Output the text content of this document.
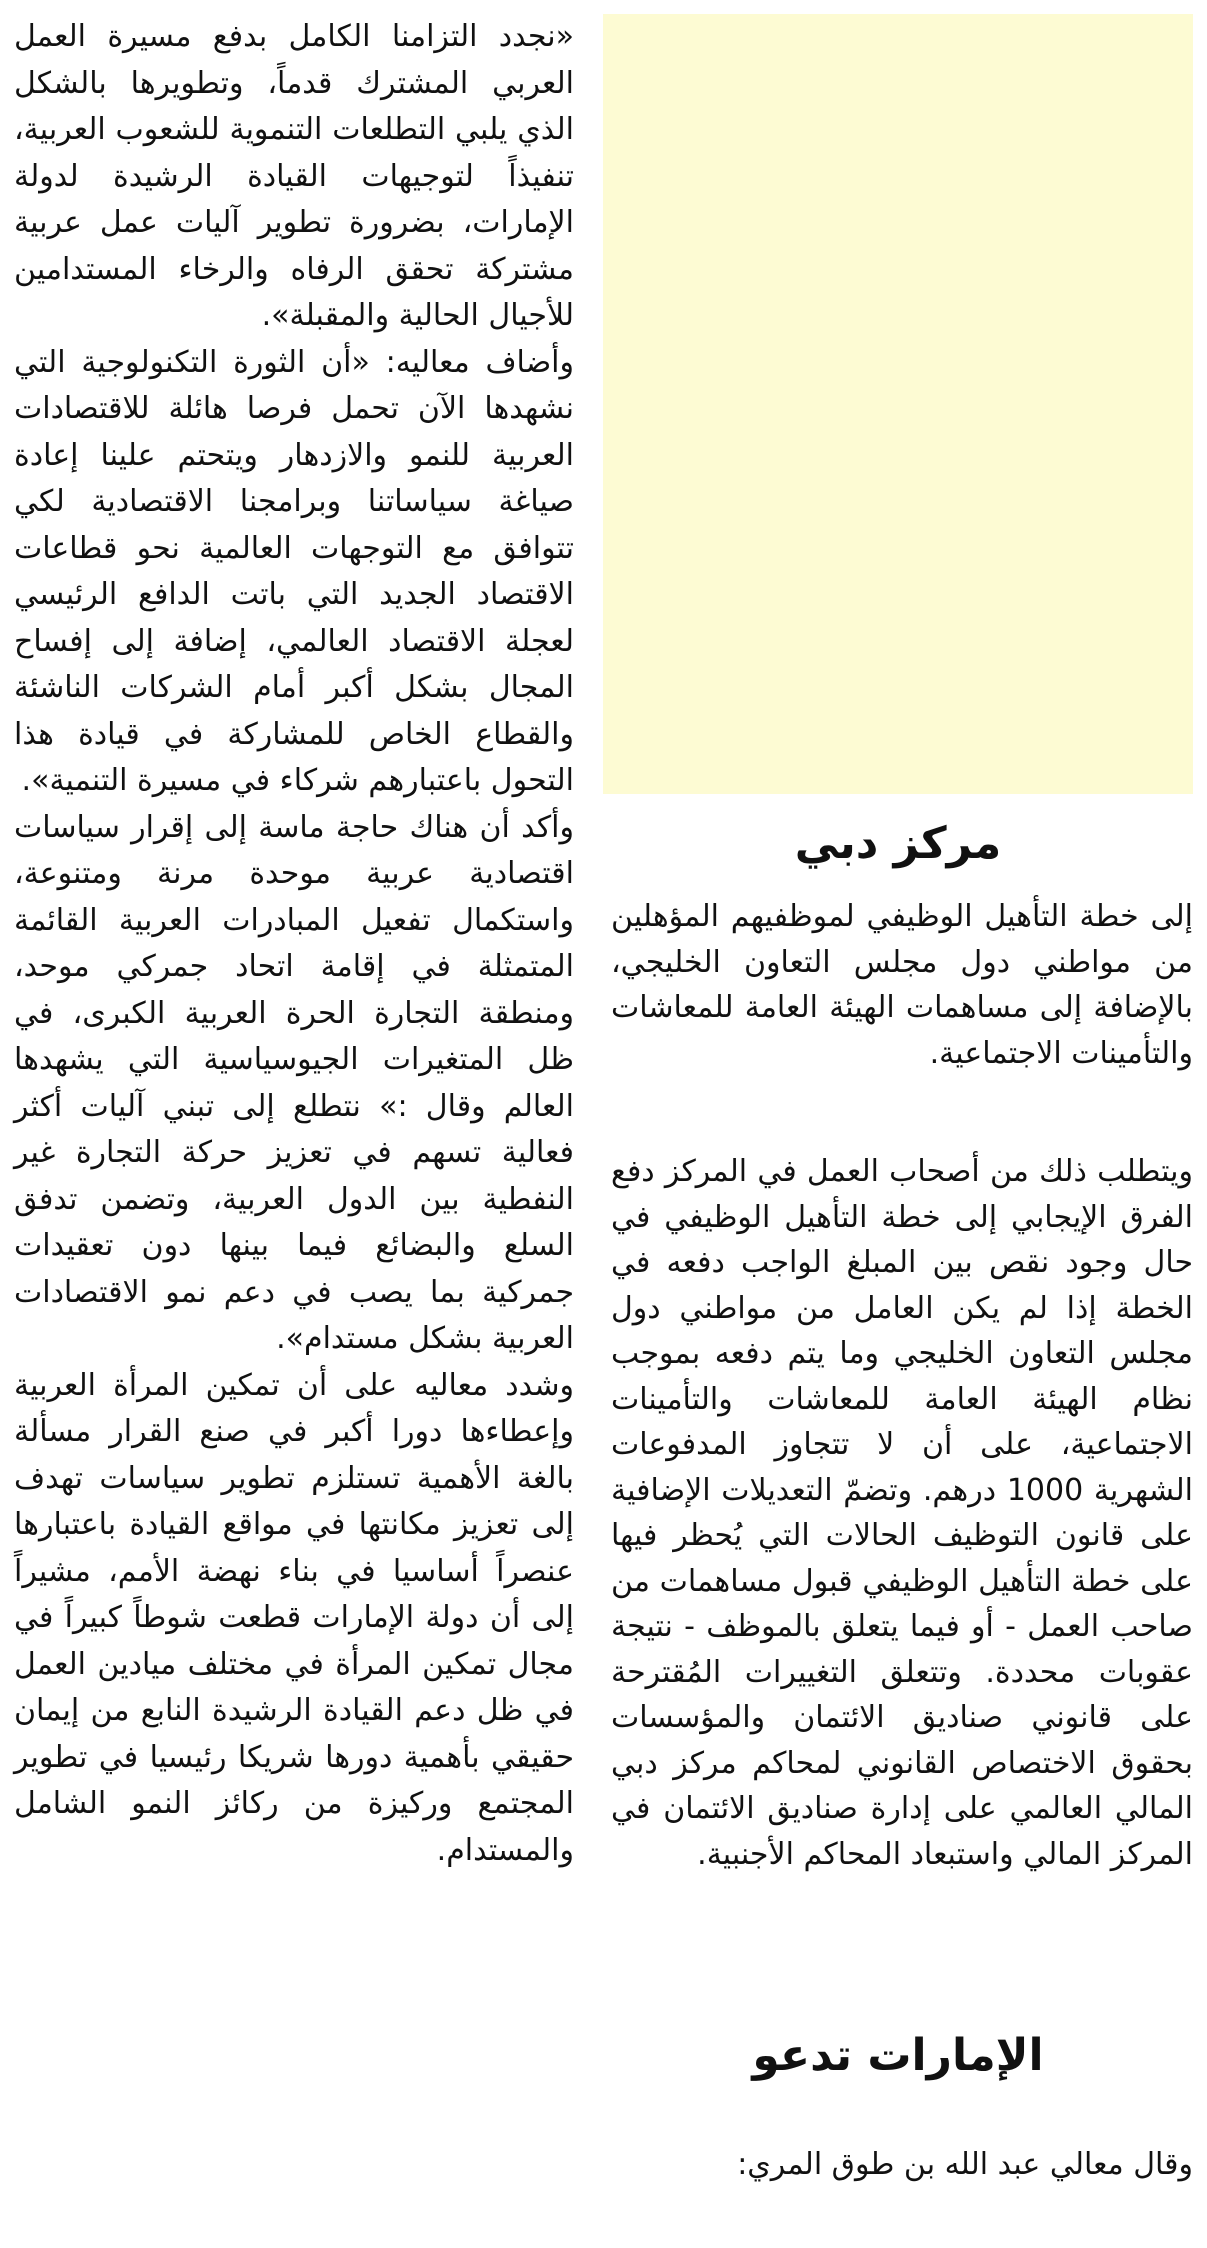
مركز دبي
إلى خطة التأهيل الوظيفي لموظفيهم المؤهلين من مواطني دول مجلس التعاون الخليجي، بالإضافة إلى مساهمات الهيئة العامة للمعاشات والتأمينات الاجتماعية.
ويتطلب ذلك من أصحاب العمل في المركز دفع الفرق الإيجابي إلى خطة التأهيل الوظيفي في حال وجود نقص بين المبلغ الواجب دفعه في الخطة إذا لم يكن العامل من مواطني دول مجلس التعاون الخليجي وما يتم دفعه بموجب نظام الهيئة العامة للمعاشات والتأمينات الاجتماعية، على أن لا تتجاوز المدفوعات الشهرية 1000 درهم. وتضمّ التعديلات الإضافية على قانون التوظيف الحالات التي يُحظر فيها على خطة التأهيل الوظيفي قبول مساهمات من صاحب العمل - أو فيما يتعلق بالموظف - نتيجة عقوبات محددة. وتتعلق التغييرات المُقترحة على قانوني صناديق الائتمان والمؤسسات بحقوق الاختصاص القانوني لمحاكم مركز دبي المالي العالمي على إدارة صناديق الائتمان في المركز المالي واستبعاد المحاكم الأجنبية.
الإمارات تدعو
وقال معالي عبد الله بن طوق المري:

«نجدد التزامنا الكامل بدفع مسيرة العمل العربي المشترك قدماً، وتطويرها بالشكل الذي يلبي التطلعات التنموية للشعوب العربية، تنفيذاً لتوجيهات القيادة الرشيدة لدولة الإمارات، بضرورة تطوير آليات عمل عربية مشتركة تحقق الرفاه والرخاء المستدامين للأجيال الحالية والمقبلة».

وأضاف معاليه: «أن الثورة التكنولوجية التي نشهدها الآن تحمل فرصا هائلة للاقتصادات العربية للنمو والازدهار ويتحتم علينا إعادة صياغة سياساتنا وبرامجنا الاقتصادية لكي تتوافق مع التوجهات العالمية نحو قطاعات الاقتصاد الجديد التي باتت الدافع الرئيسي لعجلة الاقتصاد العالمي، إضافة إلى إفساح المجال بشكل أكبر أمام الشركات الناشئة والقطاع الخاص للمشاركة في قيادة هذا التحول باعتبارهم شركاء في مسيرة التنمية».

وأكد أن هناك حاجة ماسة إلى إقرار سياسات اقتصادية عربية موحدة مرنة ومتنوعة، واستكمال تفعيل المبادرات العربية القائمة المتمثلة في إقامة اتحاد جمركي موحد، ومنطقة التجارة الحرة العربية الكبرى، في ظل المتغيرات الجيوسياسية التي يشهدها العالم وقال :» نتطلع إلى تبني آليات أكثر فعالية تسهم في تعزيز حركة التجارة غير النفطية بين الدول العربية، وتضمن تدفق السلع والبضائع فيما بينها دون تعقيدات جمركية بما يصب في دعم نمو الاقتصادات العربية بشكل مستدام».

وشدد معاليه على أن تمكين المرأة العربية وإعطاءها دورا أكبر في صنع القرار مسألة بالغة الأهمية تستلزم تطوير سياسات تهدف إلى تعزيز مكانتها في مواقع القيادة باعتبارها عنصراً أساسيا في بناء نهضة الأمم، مشيراً إلى أن دولة الإمارات قطعت شوطاً كبيراً في مجال تمكين المرأة في مختلف ميادين العمل في ظل دعم القيادة الرشيدة النابع من إيمان حقيقي بأهمية دورها شريكا رئيسيا في تطوير المجتمع وركيزة من ركائز النمو الشامل والمستدام.
